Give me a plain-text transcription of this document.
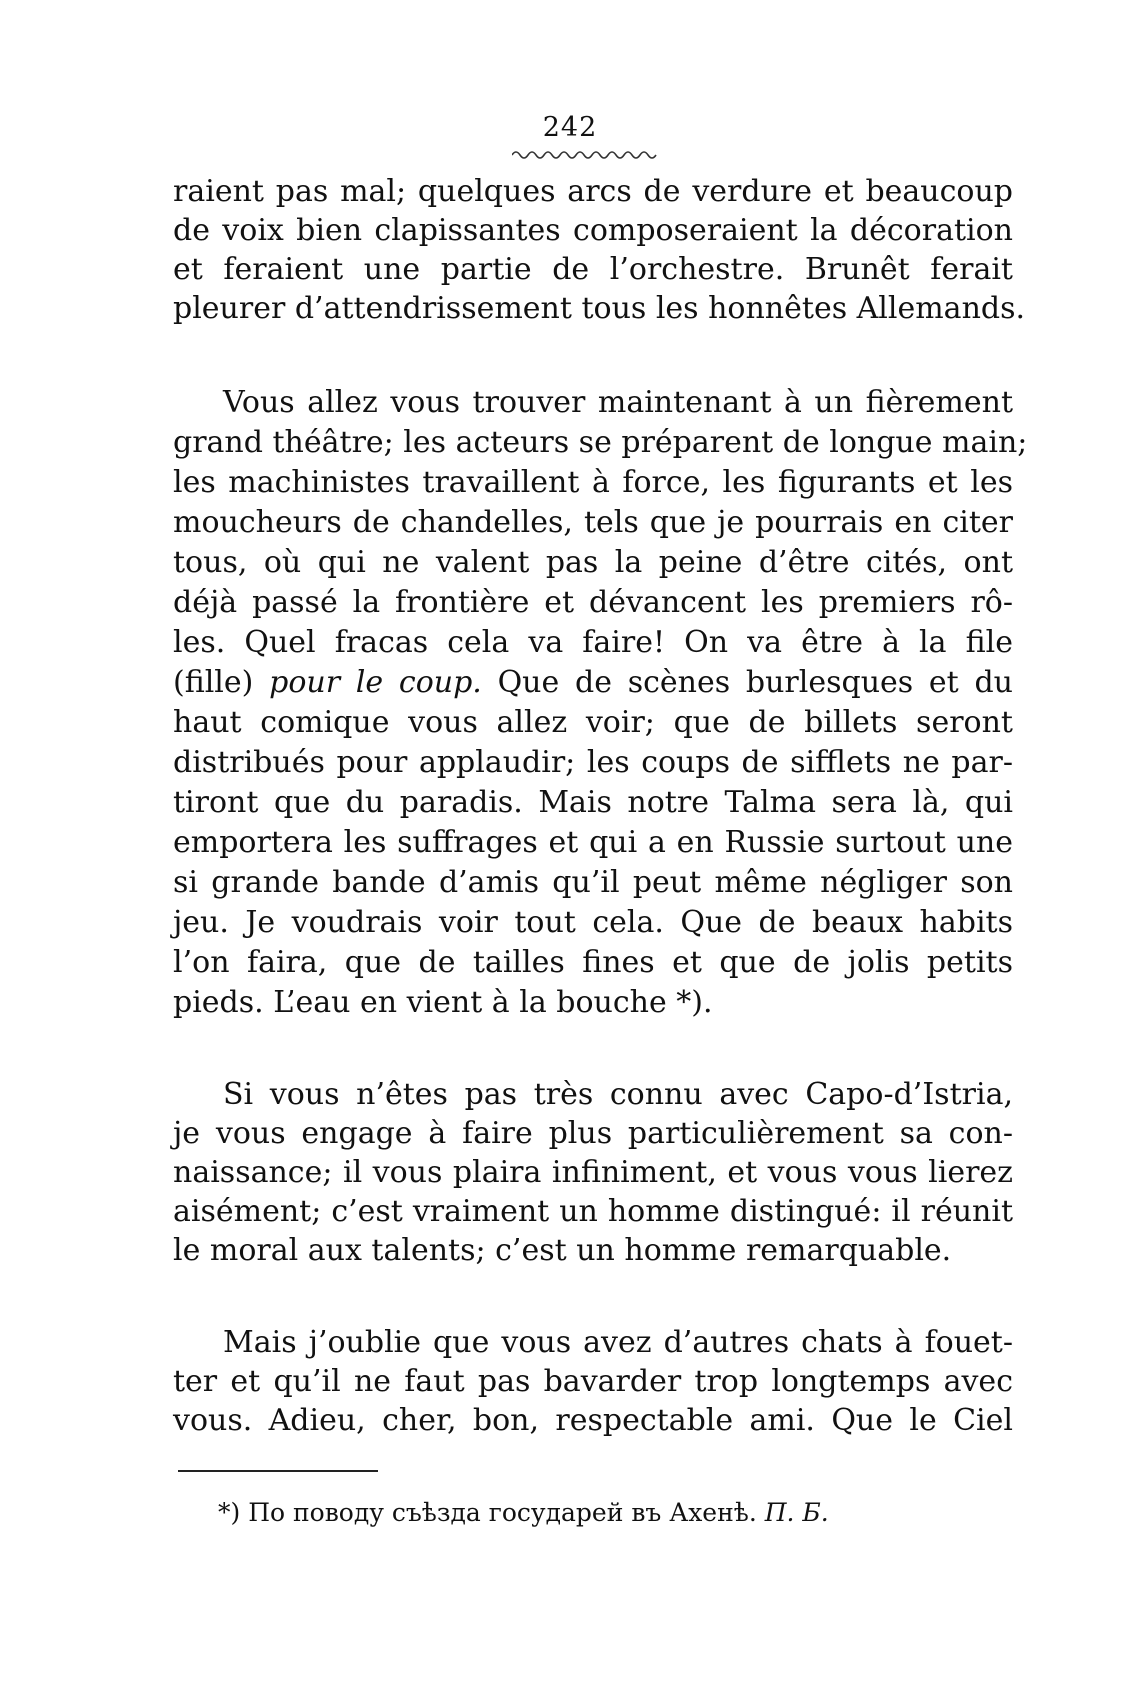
242
raient pas mal; quelques arcs de verdure et beaucoup
de voix bien clapissantes composeraient la décoration
et feraient une partie de l’orchestre. Brunêt ferait
pleurer d’attendrissement tous les honnêtes Allemands.
Vous allez vous trouver maintenant à un fièrement
grand théâtre; les acteurs se préparent de longue main;
les machinistes travaillent à force, les figurants et les
moucheurs de chandelles, tels que je pourrais en citer
tous, où qui ne valent pas la peine d’être cités, ont
déjà passé la frontière et dévancent les premiers rô-
les. Quel fracas cela va faire! On va être à la file
(fille) pour le coup. Que de scènes burlesques et du
haut comique vous allez voir; que de billets seront
distribués pour applaudir; les coups de sifflets ne par-
tiront que du paradis. Mais notre Talma sera là, qui
emportera les suffrages et qui a en Russie surtout une
si grande bande d’amis qu’il peut même négliger son
jeu. Je voudrais voir tout cela. Que de beaux habits
l’on faira, que de tailles fines et que de jolis petits
pieds. L’eau en vient à la bouche *).
Si vous n’êtes pas très connu avec Capo-d’Istria,
je vous engage à faire plus particulièrement sa con-
naissance; il vous plaira infiniment, et vous vous lierez
aisément; c’est vraiment un homme distingué: il réunit
le moral aux talents; c’est un homme remarquable.
Mais j’oublie que vous avez d’autres chats à fouet-
ter et qu’il ne faut pas bavarder trop longtemps avec
vous. Adieu, cher, bon, respectable ami. Que le Ciel
*) По поводу съѣзда государей въ Ахенѣ. П. Б.
